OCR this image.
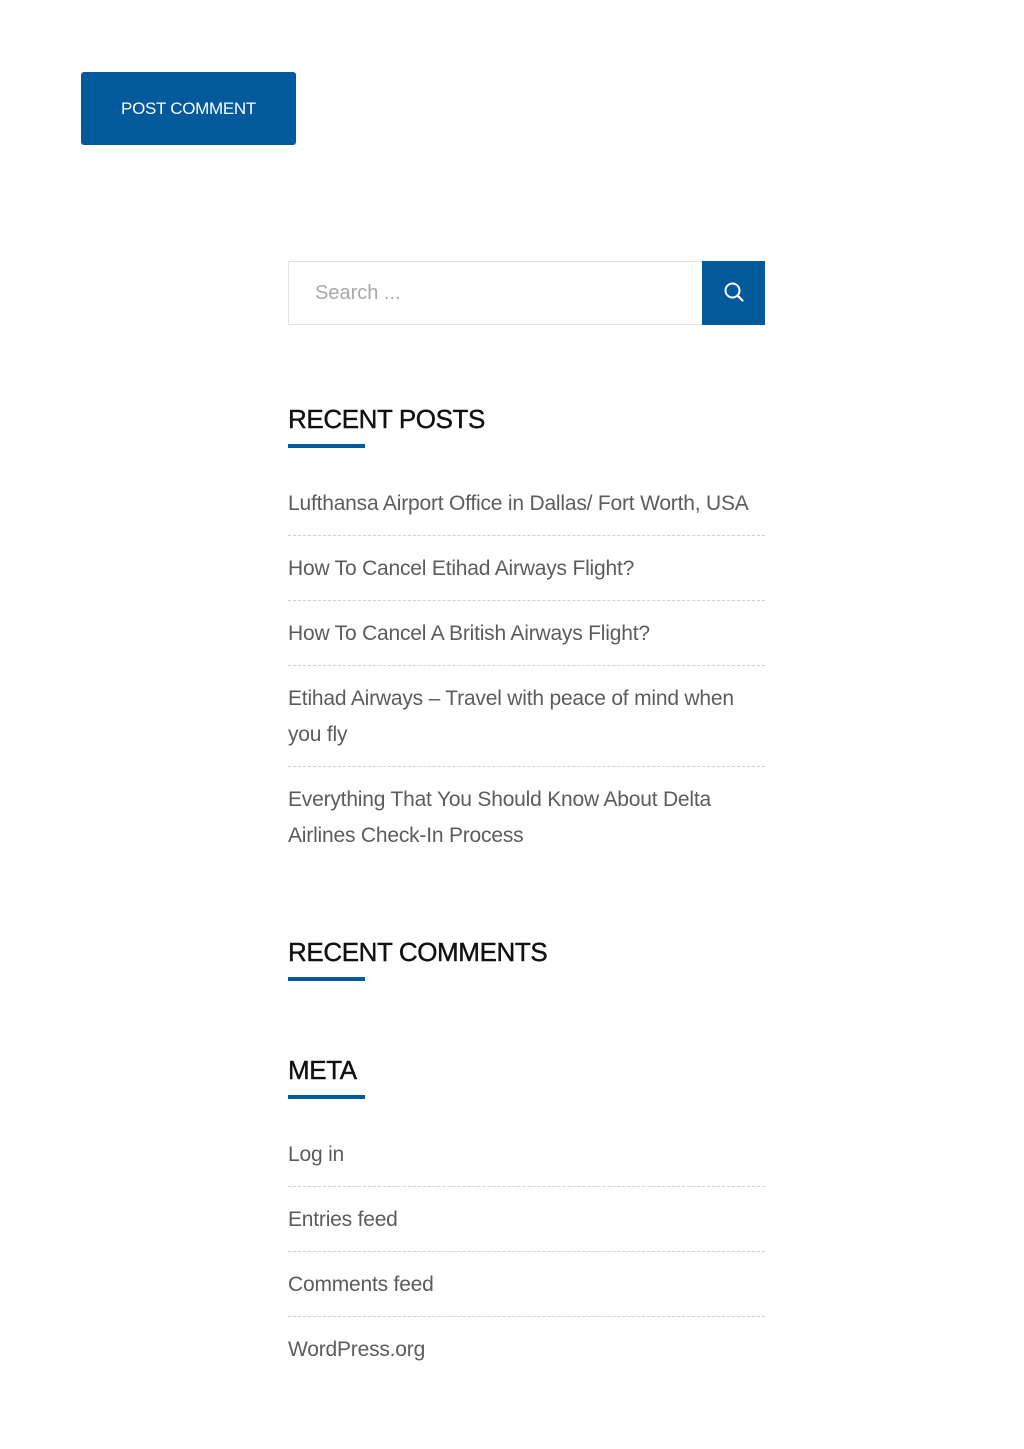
POST COMMENT
Search ...
RECENT POSTS
Lufthansa Airport Office in Dallas/ Fort Worth, USA
How To Cancel Etihad Airways Flight?
How To Cancel A British Airways Flight?
Etihad Airways – Travel with peace of mind when you fly
Everything That You Should Know About Delta Airlines Check-In Process
RECENT COMMENTS
META
Log in
Entries feed
Comments feed
WordPress.org
